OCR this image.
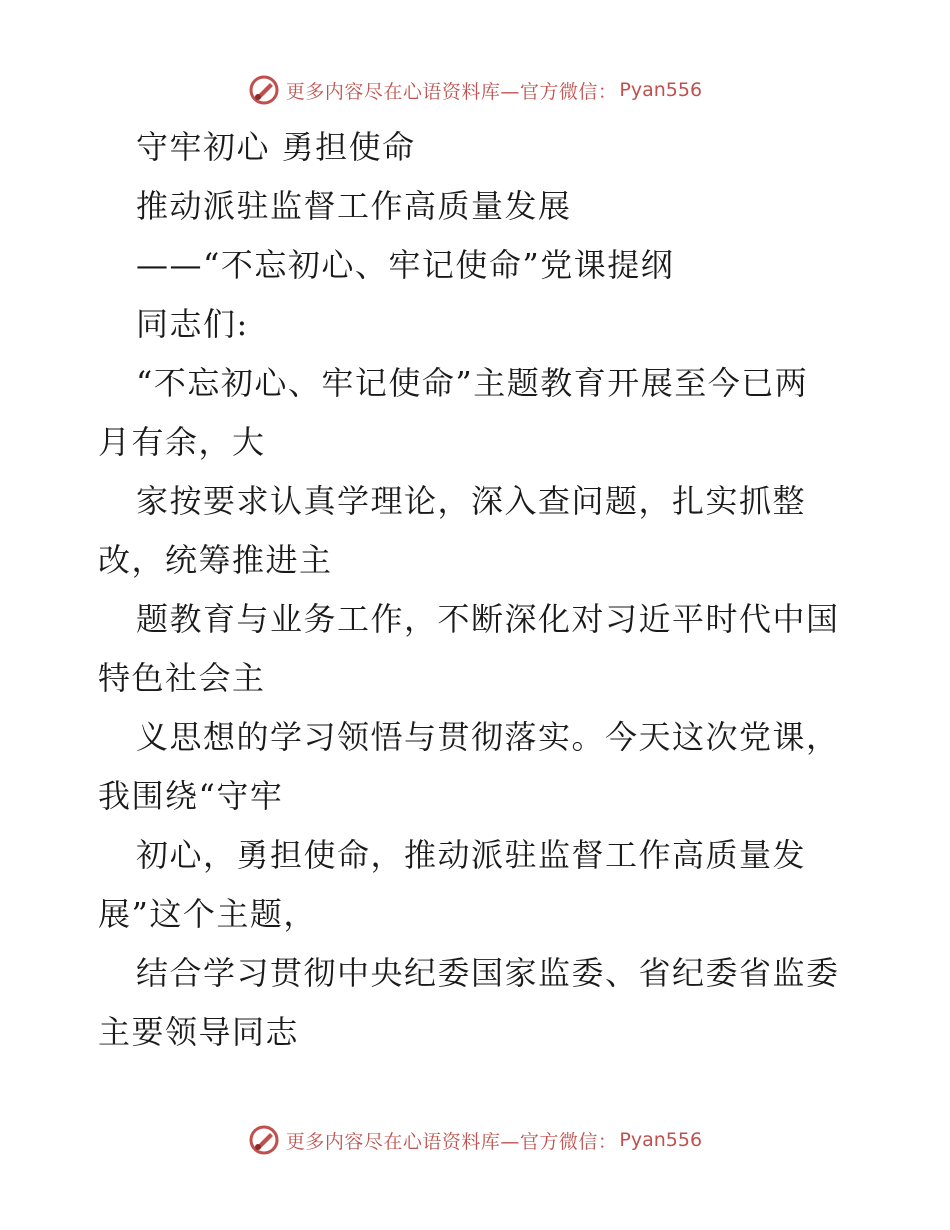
更多内容尽在心语资料库—官方微信： Pyan556
守牢初心 勇担使命
推动派驻监督工作高质量发展
——“不忘初心、牢记使命”党课提纲
同志们:
“不忘初心、牢记使命”主题教育开展至今已两
月有余，大
家按要求认真学理论，深入查问题，扎实抓整
改，统筹推进主
题教育与业务工作，不断深化对习近平时代中国
特色社会主
义思想的学习领悟与贯彻落实。今天这次党课，
我围绕“守牢
初心，勇担使命，推动派驻监督工作高质量发
展”这个主题，
结合学习贯彻中央纪委国家监委、省纪委省监委
主要领导同志
更多内容尽在心语资料库—官方微信： Pyan556
